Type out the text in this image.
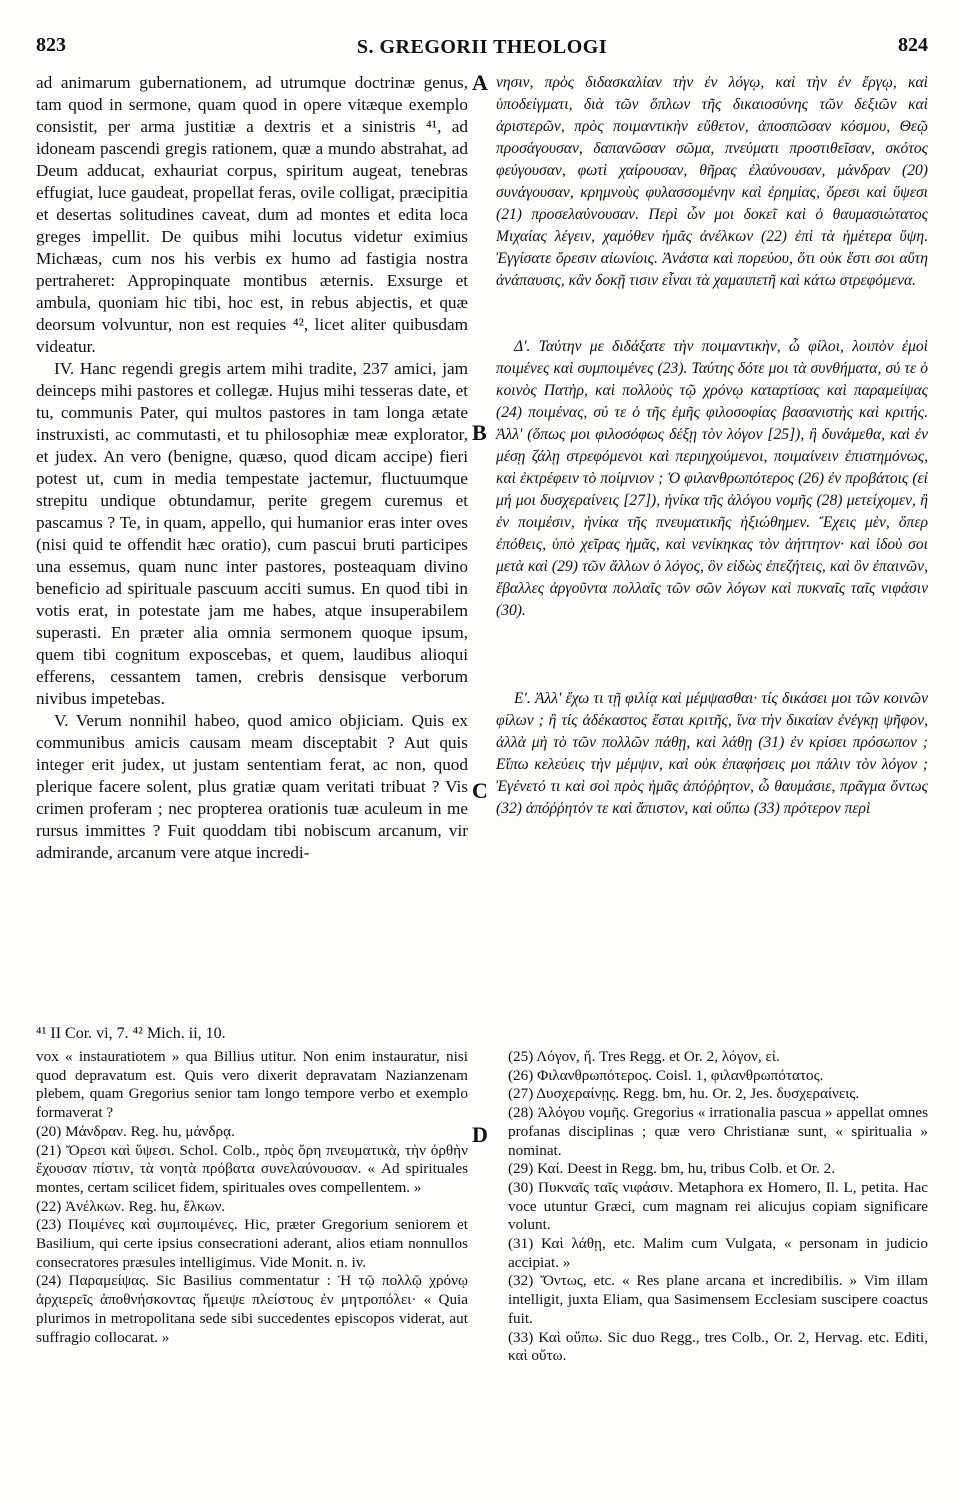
823	S. GREGORII THEOLOGI	824

ad animarum gubernationem, ad utrumque doctrinæ genus, tam quod in sermone, quam quod in opere vitæque exemplo consistit, per arma justitiæ a dextris et a sinistris ⁴¹, ad idoneam pascendi gregis rationem, quæ a mundo abstrahat, ad Deum adducat, exhauriat corpus, spiritum augeat, tenebras effugiat, luce gaudeat, propellat feras, ovile colligat, præcipitia et desertas solitudines caveat, dum ad montes et edita loca greges impellit. De quibus mihi locutus videtur eximius Michæas, cum nos his verbis ex humo ad fastigia nostra pertraheret: Appropinquate montibus æternis. Exsurge et ambula, quoniam hic tibi, hoc est, in rebus abjectis, et quæ deorsum volvuntur, non est requies ⁴², licet aliter quibusdam videatur.

IV. Hanc regendi gregis artem mihi tradite, 237 amici, jam deinceps mihi pastores et collegæ. Hujus mihi tesseras date, et tu, communis Pater, qui multos pastores in tam longa ætate instruxisti, ac commutasti, et tu philosophiæ meæ explorator, et judex. An vero (benigne, quæso, quod dicam accipe) fieri potest ut, cum in media tempestate jactemur, fluctuumque strepitu undique obtundamur, perite gregem curemus et pascamus ? Te, in quam, appello, qui humanior eras inter oves (nisi quid te offendit hæc oratio), cum pascui bruti participes una essemus, quam nunc inter pastores, posteaquam divino beneficio ad spirituale pascuum acciti sumus. En quod tibi in votis erat, in potestate jam me habes, atque insuperabilem superasti. En præter alia omnia sermonem quoque ipsum, quem tibi cognitum exposcebas, et quem, laudibus alioqui efferens, cessantem tamen, crebris densisque verborum nivibus impetebas.

V. Verum nonnihil habeo, quod amico objiciam. Quis ex communibus amicis causam meam disceptabit ? Aut quis integer erit judex, ut justam sententiam ferat, ac non, quod plerique facere solent, plus gratiæ quam veritati tribuat ? Vis crimen proferam ; nec propterea orationis tuæ aculeum in me rursus immittes ? Fuit quoddam tibi nobiscum arcanum, vir admirande, arcanum vere atque incredi-

νησιν, πρὸς διδασκαλίαν τὴν ἐν λόγῳ, καὶ τὴν ἐν ἔργῳ, καὶ ὑποδείγματι, διὰ τῶν ὅπλων τῆς δικαιοσύνης τῶν δεξιῶν καὶ ἀριστερῶν, πρὸς ποιμαντικὴν εὔθετον, ἀποσπῶσαν κόσμου, Θεῷ προσάγουσαν, δαπανῶσαν σῶμα, πνεύματι προστιθεῖσαν, σκότος φεύγουσαν, φωτὶ χαίρουσαν, θῆρας ἐλαύνουσαν, μάνδραν (20) συνάγουσαν, κρημνοὺς φυλασσομένην καὶ ἐρημίας, ὄρεσι καὶ ὕψεσι (21) προσελαύνουσαν. Περὶ ὧν μοι δοκεῖ καὶ ὁ θαυμασιώτατος Μιχαίας λέγειν, χαμόθεν ἡμᾶς ἀνέλκων (22) ἐπὶ τὰ ἡμέτερα ὕψη. Ἐγγίσατε ὄρεσιν αἰωνίοις. Ἀνάστα καὶ πορεύου, ὅτι οὐκ ἔστι σοι αὕτη ἀνάπαυσις, κἂν δοκῇ τισιν εἶναι τὰ χαμαιπετῆ καὶ κάτω στρεφόμενα.

Δ'. Ταύτην με διδάξατε τὴν ποιμαντικὴν, ὦ φίλοι, λοιπὸν ἐμοὶ ποιμένες καὶ συμποιμένες (23). Ταύτης δότε μοι τὰ συνθήματα, σύ τε ὁ κοινὸς Πατὴρ, καὶ πολλοὺς τῷ χρόνῳ καταρτίσας καὶ παραμείψας (24) ποιμένας, σύ τε ὁ τῆς ἐμῆς φιλοσοφίας βασανιστὴς καὶ κριτής. Ἀλλ' (ὅπως μοι φιλοσόφως δέξῃ τὸν λόγον [25]), ἢ δυνάμεθα, καὶ ἐν μέσῃ ζάλῃ στρεφόμενοι καὶ περιηχούμενοι, ποιμαίνειν ἐπιστημόνως, καὶ ἐκτρέφειν τὸ ποίμνιον ; Ὁ φιλανθρωπότερος (26) ἐν προβάτοις (εἰ μή μοι δυσχεραίνεις [27]), ἡνίκα τῆς ἀλόγου νομῆς (28) μετείχομεν, ἢ ἐν ποιμέσιν, ἡνίκα τῆς πνευματικῆς ἠξιώθημεν. Ἔχεις μὲν, ὅπερ ἐπόθεις, ὑπὸ χεῖρας ἡμᾶς, καὶ νενίκηκας τὸν ἀήττητον· καὶ ἰδοὺ σοι μετὰ καὶ (29) τῶν ἄλλων ὁ λόγος, ὃν εἰδὼς ἐπεζήτεις, καὶ ὃν ἐπαινῶν, ἔβαλλες ἀργοῦντα πολλαῖς τῶν σῶν λόγων καὶ πυκναῖς ταῖς νιφάσιν (30).

Ε'. Ἀλλ' ἔχω τι τῇ φιλίᾳ καὶ μέμψασθαι· τίς δικάσει μοι τῶν κοινῶν φίλων ; ἢ τίς ἀδέκαστος ἔσται κριτῆς, ἵνα τὴν δικαίαν ἐνέγκῃ ψῆφον, ἀλλὰ μὴ τὸ τῶν πολλῶν πάθῃ, καὶ λάθῃ (31) ἐν κρίσει πρόσωπον ; Εἴπω κελεύεις τὴν μέμψιν, καὶ οὐκ ἐπαφήσεις μοι πάλιν τὸν λόγον ; Ἐγένετό τι καὶ σοὶ πρὸς ἡμᾶς ἀπόῤῥητον, ὦ θαυμάσιε, πρᾶγμα ὄντως (32) ἀπόῤῥητόν τε καὶ ἄπιστον, καὶ οὔπω (33) πρότερον περὶ

A
B
C
D
⁴¹ II Cor. vi, 7. ⁴² Mich. ii, 10.

vox « instauratiotem » qua Billius utitur. Non enim instauratur, nisi quod depravatum est. Quis vero dixerit depravatam Nazianzenam plebem, quam Gregorius senior tam longo tempore verbo et exemplo formaverat ?

(20) Μάνδραν. Reg. hu, μάνδρᾳ.

(21) Ὄρεσι καὶ ὕψεσι. Schol. Colb., πρὸς ὄρη πνευματικὰ, τὴν ὀρθὴν ἔχουσαν πίστιν, τὰ νοητὰ πρόβατα συνελαύνουσαν. « Ad spirituales montes, certam scilicet fidem, spirituales oves compellentem. »

(22) Ἀνέλκων. Reg. hu, ἕλκων.

(23) Ποιμένες καὶ συμποιμένες. Hic, præter Gregorium seniorem et Basilium, qui certe ipsius consecrationi aderant, alios etiam nonnullos consecratores præsules intelligimus. Vide Monit. n. iv.

(24) Παραμείψας. Sic Basilius commentatur : Ἡ τῷ πολλῷ χρόνῳ ἀρχιερεῖς ἀποθνήσκοντας ἤμειψε πλείστους ἐν μητροπόλει· « Quia plurimos in metropolitana sede sibi succedentes episcopos viderat, aut suffragio collocarat. »

(25) Λόγον, ἤ. Tres Regg. et Or. 2, λόγον, εἰ.

(26) Φιλανθρωπότερος. Coisl. 1, φιλανθρωπότατος.

(27) Δυσχεραίνῃς. Regg. bm, hu. Or. 2, Jes. δυσχεραίνεις.

(28) Ἀλόγου νομῆς. Gregorius « irrationalia pascua » appellat omnes profanas disciplinas ; quæ vero Christianæ sunt, « spiritualia » nominat.

(29) Καί. Deest in Regg. bm, hu, tribus Colb. et Or. 2.

(30) Πυκναῖς ταῖς νιφάσιν. Metaphora ex Homero, Il. L, petita. Hac voce utuntur Græci, cum magnam rei alicujus copiam significare volunt.

(31) Καὶ λάθῃ, etc. Malim cum Vulgata, « personam in judicio accipiat. »

(32) Ὄντως, etc. « Res plane arcana et incredibilis. » Vim illam intelligit, juxta Eliam, qua Sasimensem Ecclesiam suscipere coactus fuit.

(33) Καὶ οὔπω. Sic duo Regg., tres Colb., Or. 2, Hervag. etc. Editi, καὶ οὔτω.
